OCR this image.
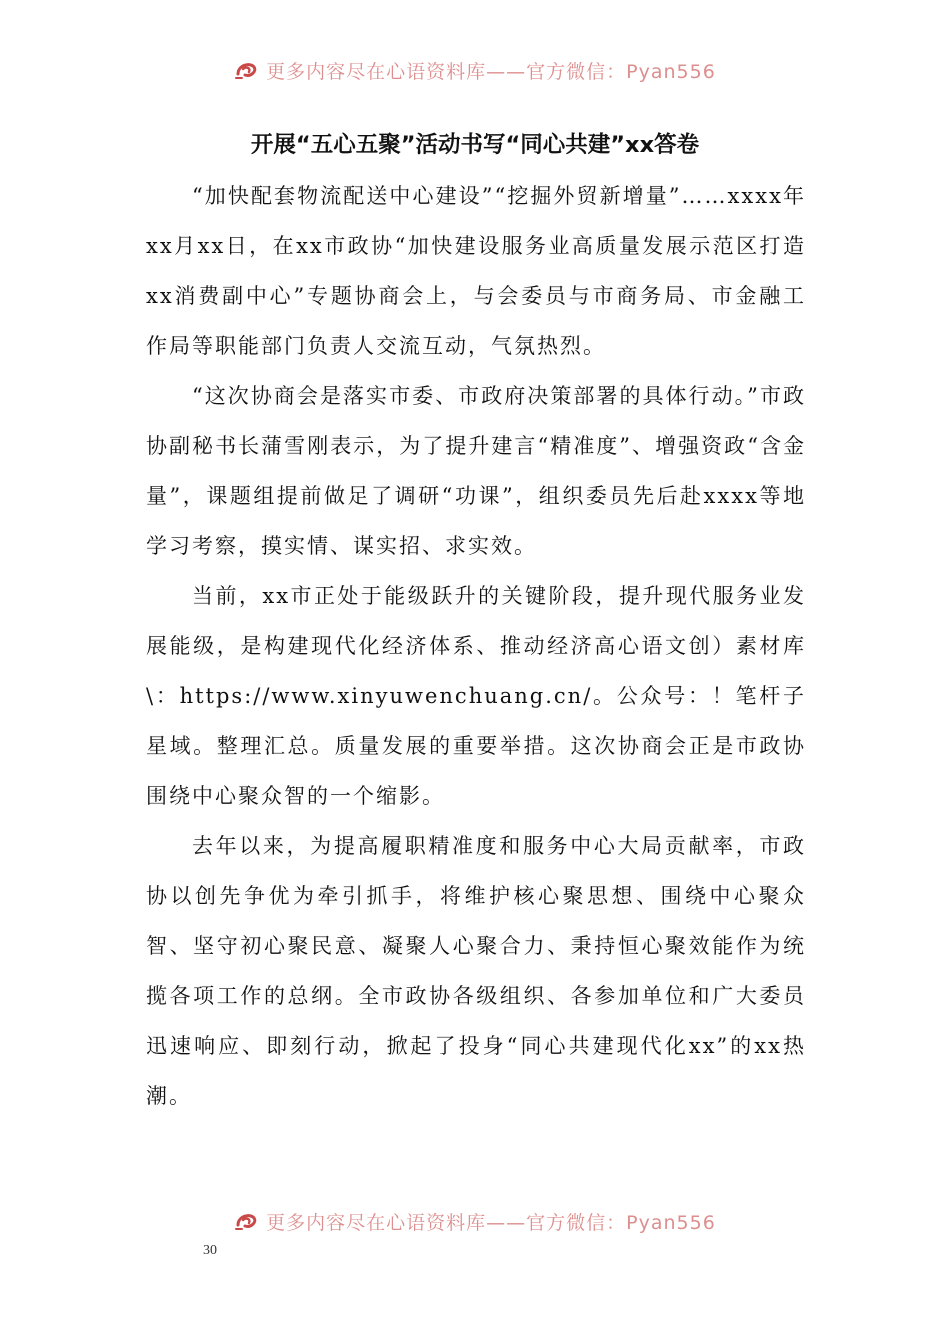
更多内容尽在心语资料库——官方微信：Pyan556
开展“五心五聚”活动书写“同心共建”xx答卷

“加快配套物流配送中心建设”“挖掘外贸新增量”……xxxx年xx月xx日，在xx市政协“加快建设服务业高质量发展示范区打造xx消费副中心”专题协商会上，与会委员与市商务局、市金融工作局等职能部门负责人交流互动，气氛热烈。

“这次协商会是落实市委、市政府决策部署的具体行动。”市政协副秘书长蒲雪刚表示，为了提升建言“精准度”、增强资政“含金量”，课题组提前做足了调研“功课”，组织委员先后赴xxxx等地学习考察，摸实情、谋实招、求实效。

当前，xx市正处于能级跃升的关键阶段，提升现代服务业发展能级，是构建现代化经济体系、推动经济高心语文创）素材库\：https://www.xinyuwenchuang.cn/。公众号：！笔杆子星域。整理汇总。质量发展的重要举措。这次协商会正是市政协围绕中心聚众智的一个缩影。

去年以来，为提高履职精准度和服务中心大局贡献率，市政协以创先争优为牵引抓手，将维护核心聚思想、围绕中心聚众智、坚守初心聚民意、凝聚人心聚合力、秉持恒心聚效能作为统揽各项工作的总纲。全市政协各级组织、各参加单位和广大委员迅速响应、即刻行动，掀起了投身“同心共建现代化xx”的xx热潮。

更多内容尽在心语资料库——官方微信：Pyan556
30
